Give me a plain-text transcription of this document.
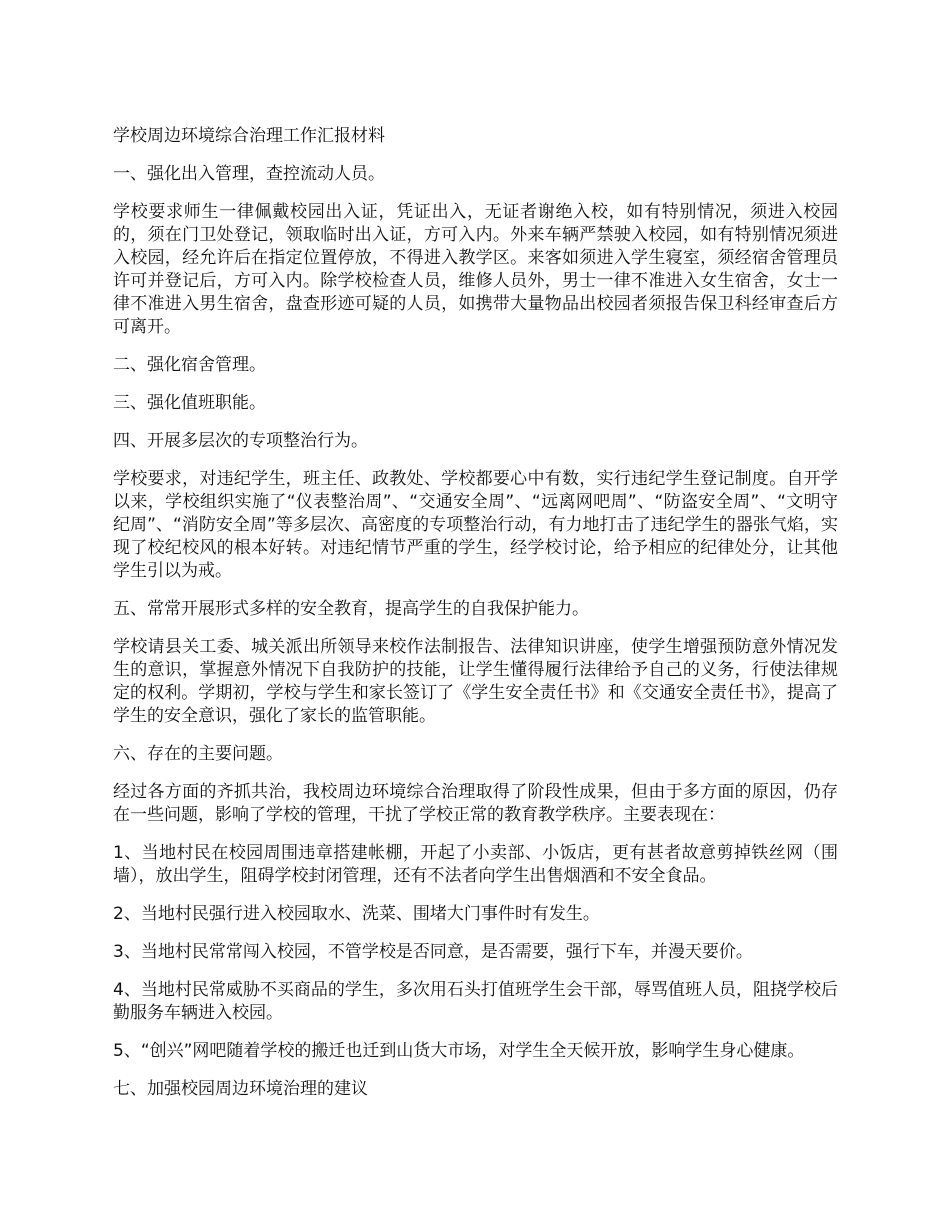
学校周边环境综合治理工作汇报材料

一、强化出入管理，查控流动人员。

学校要求师生一律佩戴校园出入证，凭证出入，无证者谢绝入校，如有特别情况，须进入校园的，须在门卫处登记，领取临时出入证，方可入内。外来车辆严禁驶入校园，如有特别情况须进入校园，经允许后在指定位置停放，不得进入教学区。来客如须进入学生寝室，须经宿舍管理员许可并登记后，方可入内。除学校检查人员，维修人员外，男士一律不准进入女生宿舍，女士一律不准进入男生宿舍，盘查形迹可疑的人员，如携带大量物品出校园者须报告保卫科经审查后方可离开。

二、强化宿舍管理。

三、强化值班职能。

四、开展多层次的专项整治行为。

学校要求，对违纪学生，班主任、政教处、学校都要心中有数，实行违纪学生登记制度。自开学以来，学校组织实施了“仪表整治周”、“交通安全周”、“远离网吧周”、“防盗安全周”、“文明守纪周”、“消防安全周”等多层次、高密度的专项整治行动，有力地打击了违纪学生的器张气焰，实现了校纪校风的根本好转。对违纪情节严重的学生，经学校讨论，给予相应的纪律处分，让其他学生引以为戒。

五、常常开展形式多样的安全教育，提高学生的自我保护能力。

学校请县关工委、城关派出所领导来校作法制报告、法律知识讲座，使学生增强预防意外情况发生的意识，掌握意外情况下自我防护的技能，让学生懂得履行法律给予自己的义务，行使法律规定的权利。学期初，学校与学生和家长签订了《学生安全责任书》和《交通安全责任书》，提高了学生的安全意识，强化了家长的监管职能。

六、存在的主要问题。

经过各方面的齐抓共治，我校周边环境综合治理取得了阶段性成果，但由于多方面的原因，仍存在一些问题，影响了学校的管理，干扰了学校正常的教育教学秩序。主要表现在：

1、当地村民在校园周围违章搭建帐棚，开起了小卖部、小饭店，更有甚者故意剪掉铁丝网（围墙），放出学生，阻碍学校封闭管理，还有不法者向学生出售烟酒和不安全食品。

2、当地村民强行进入校园取水、洗菜、围堵大门事件时有发生。

3、当地村民常常闯入校园，不管学校是否同意，是否需要，强行下车，并漫天要价。

4、当地村民常威胁不买商品的学生，多次用石头打值班学生会干部，辱骂值班人员，阻挠学校后勤服务车辆进入校园。

5、“创兴”网吧随着学校的搬迁也迁到山货大市场，对学生全天候开放，影响学生身心健康。

七、加强校园周边环境治理的建议
